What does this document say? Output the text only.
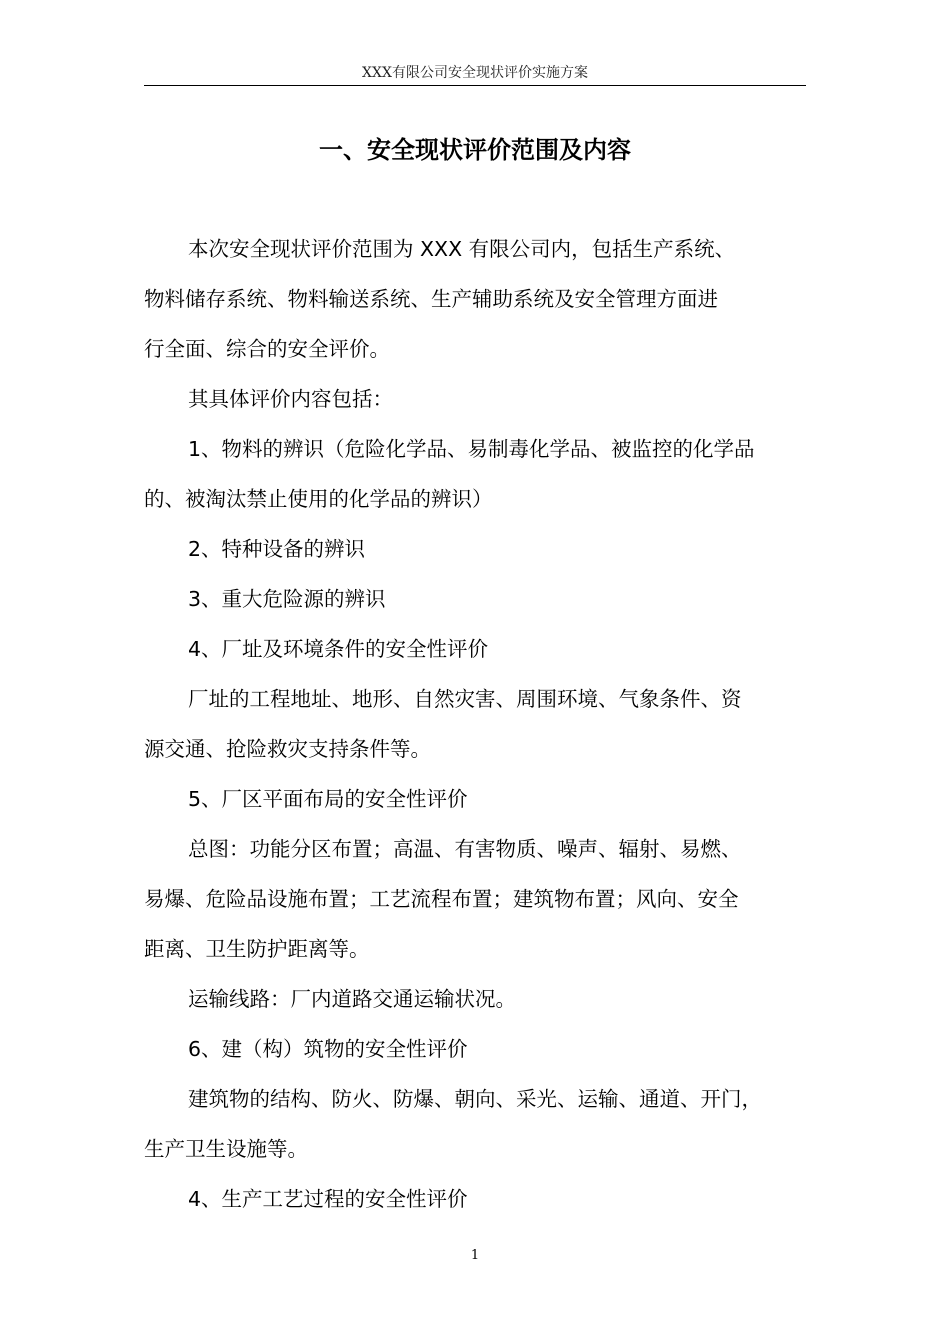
XXX有限公司安全现状评价实施方案
一、安全现状评价范围及内容
本次安全现状评价范围为 XXX 有限公司内，包括生产系统、
物料储存系统、物料输送系统、生产辅助系统及安全管理方面进
行全面、综合的安全评价。
其具体评价内容包括：
1、物料的辨识（危险化学品、易制毒化学品、被监控的化学品
的、被淘汰禁止使用的化学品的辨识）
2、特种设备的辨识
3、重大危险源的辨识
4、厂址及环境条件的安全性评价
厂址的工程地址、地形、自然灾害、周围环境、气象条件、资
源交通、抢险救灾支持条件等。
5、厂区平面布局的安全性评价
总图：功能分区布置；高温、有害物质、噪声、辐射、易燃、
易爆、危险品设施布置；工艺流程布置；建筑物布置；风向、安全
距离、卫生防护距离等。
运输线路：厂内道路交通运输状况。
6、建（构）筑物的安全性评价
建筑物的结构、防火、防爆、朝向、采光、运输、通道、开门，
生产卫生设施等。
4、生产工艺过程的安全性评价
1
